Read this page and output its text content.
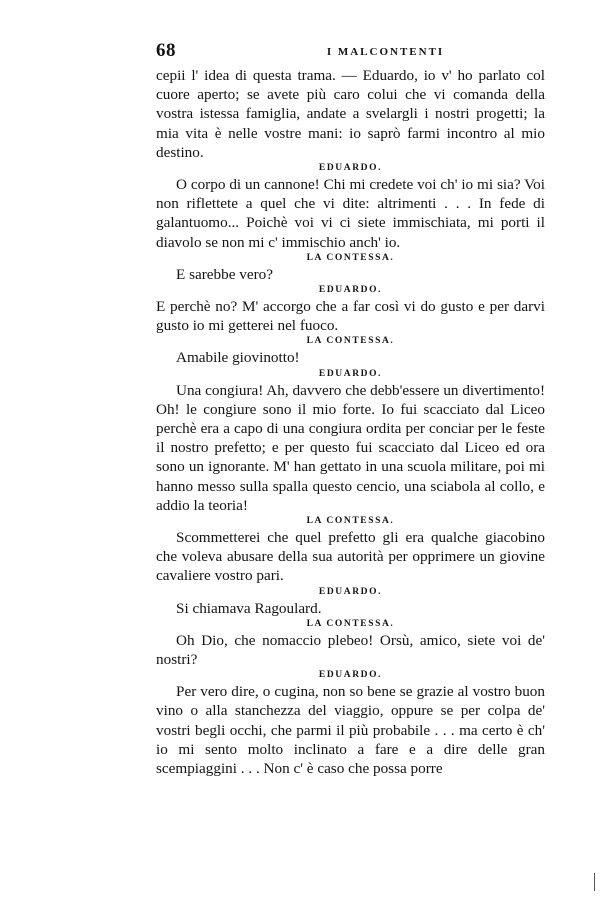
68	I MALCONTENTI

cepii l' idea di questa trama. — Eduardo, io v' ho parlato col cuore aperto; se avete più caro colui che vi comanda della vostra istessa famiglia, andate a svelargli i nostri progetti; la mia vita è nelle vostre mani: io saprò farmi incontro al mio destino.

EDUARDO.

O corpo di un cannone! Chi mi credete voi ch' io mi sia? Voi non riflettete a quel che vi dite: altrimenti . . . In fede di galantuomo... Poichè voi vi ci siete immischiata, mi porti il diavolo se non mi c' immischio anch' io.

LA CONTESSA.

E sarebbe vero?

EDUARDO.

E perchè no? M' accorgo che a far così vi do gusto e per darvi gusto io mi getterei nel fuoco.

LA CONTESSA.

Amabile giovinotto!

EDUARDO.

Una congiura! Ah, davvero che debb'essere un divertimento! Oh! le congiure sono il mio forte. Io fui scacciato dal Liceo perchè era a capo di una congiura ordita per conciar per le feste il nostro prefetto; e per questo fui scacciato dal Liceo ed ora sono un ignorante. M' han gettato in una scuola militare, poi mi hanno messo sulla spalla questo cencio, una sciabola al collo, e addio la teoria!

LA CONTESSA.

Scommetterei che quel prefetto gli era qualche giacobino che voleva abusare della sua autorità per opprimere un giovine cavaliere vostro pari.

EDUARDO.

Si chiamava Ragoulard.

LA CONTESSA.

Oh Dio, che nomaccio plebeo! Orsù, amico, siete voi de' nostri?

EDUARDO.

Per vero dire, o cugina, non so bene se grazie al vostro buon vino o alla stanchezza del viaggio, oppure se per colpa de' vostri begli occhi, che parmi il più probabile . . . ma certo è ch' io mi sento molto inclinato a fare e a dire delle gran scempiaggini . . . Non c' è caso che possa porre
